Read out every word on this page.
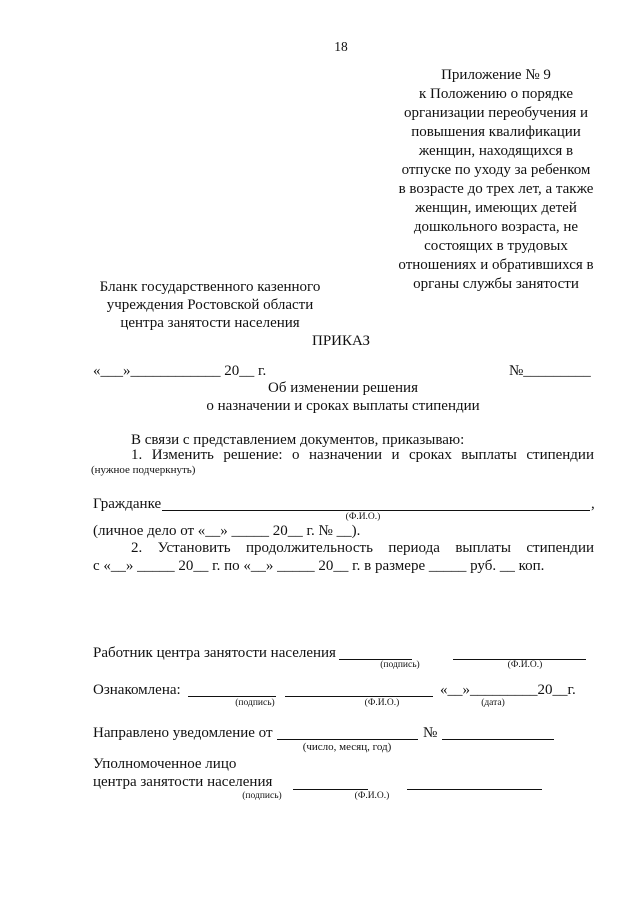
18
Приложение № 9
к Положению о порядке
организации переобучения и
повышения квалификации
женщин, находящихся в
отпуске по уходу за ребенком
в возрасте до трех лет, а также
женщин, имеющих детей
дошкольного возраста, не
состоящих в трудовых
отношениях и обратившихся в
органы службы занятости
Бланк государственного казенного
учреждения Ростовской области
центра занятости населения
ПРИКАЗ
«___»____________ 20__ г.	№_________
Об изменении решения
о назначении и сроках выплаты стипендии
В связи с представлением документов, приказываю:
1. Изменить решение: о назначении и сроках выплаты стипендии
(нужное подчеркнуть)
Гражданке	,
(Ф.И.О.)
(личное дело от «__» _____ 20__ г. № __).
2. Установить продолжительность периода выплаты стипендии
с «__» _____ 20__ г. по «__» _____ 20__ г. в размере _____ руб. __ коп.
Работник центра занятости населения
(подпись)	(Ф.И.О.)
Ознакомлена:	«__»_________20__г.
(подпись)	(Ф.И.О.)	(дата)
Направлено уведомление от	№
(число, месяц, год)
Уполномоченное лицо
центра занятости населения
(подпись)	(Ф.И.О.)
